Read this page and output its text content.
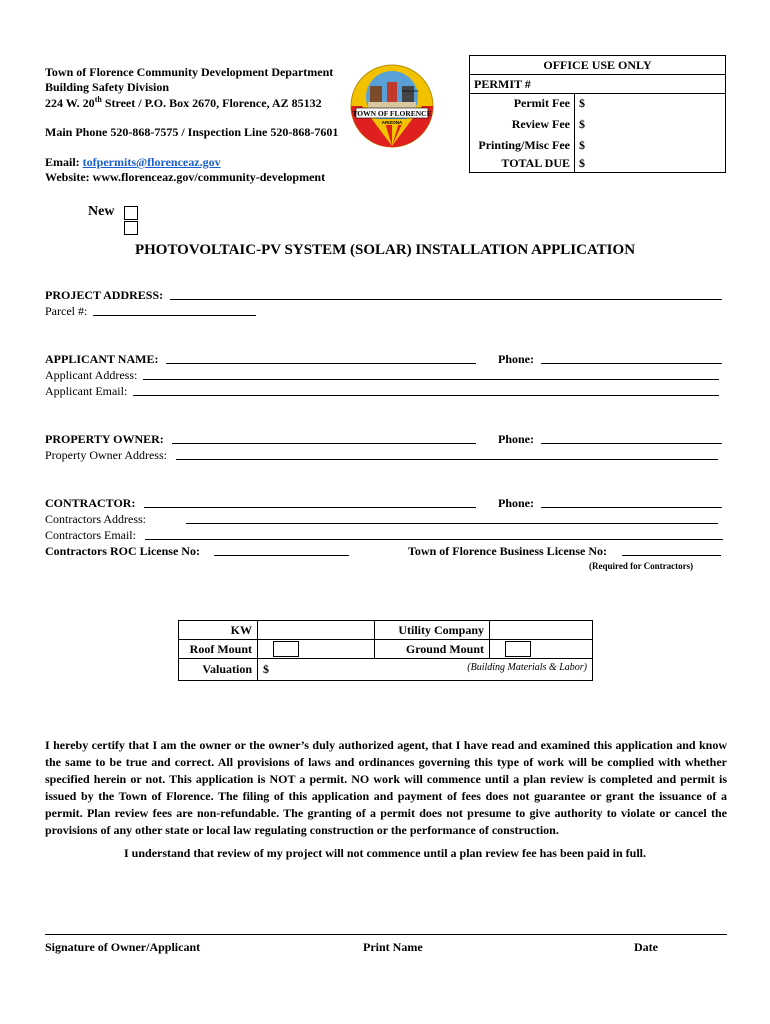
Town of Florence Community Development Department
Building Safety Division
224 W. 20th Street / P.O. Box 2670, Florence, AZ 85132
Main Phone 520-868-7575 / Inspection Line 520-868-7601
Email: tofpermits@florenceaz.gov
Website: www.florenceaz.gov/community-development
TOWN OF FLORENCE
ARIZONA
SINCE 1866
OFFICE USE ONLY	
PERMIT #	
Permit Fee	$
Review Fee	$
Printing/Misc Fee	$
TOTAL DUE	$
New
PHOTOVOLTAIC-PV SYSTEM (SOLAR) INSTALLATION APPLICATION
PROJECT ADDRESS:
Parcel #:
APPLICANT NAME:	Phone:
Applicant Address:
Applicant Email:
PROPERTY OWNER:	Phone:
Property Owner Address:
CONTRACTOR:	Phone:
Contractors Address:
Contractors Email:
Contractors ROC License No:	Town of Florence Business License No:
(Required for Contractors)
KW		Utility Company	
Roof Mount		Ground Mount	
Valuation	$ (Building Materials & Labor)		
I hereby certify that I am the owner or the owner’s duly authorized agent, that I have read and examined this application and know the same to be true and correct. All provisions of laws and ordinances governing this type of work will be complied with whether specified herein or not. This application is NOT a permit. NO work will commence until a plan review is completed and permit is issued by the Town of Florence. The filing of this application and payment of fees does not guarantee or grant the issuance of a permit. Plan review fees are non-refundable. The granting of a permit does not presume to give authority to violate or cancel the provisions of any other state or local law regulating construction or the performance of construction.
I understand that review of my project will not commence until a plan review fee has been paid in full.
Signature of Owner/Applicant	Print Name	Date
